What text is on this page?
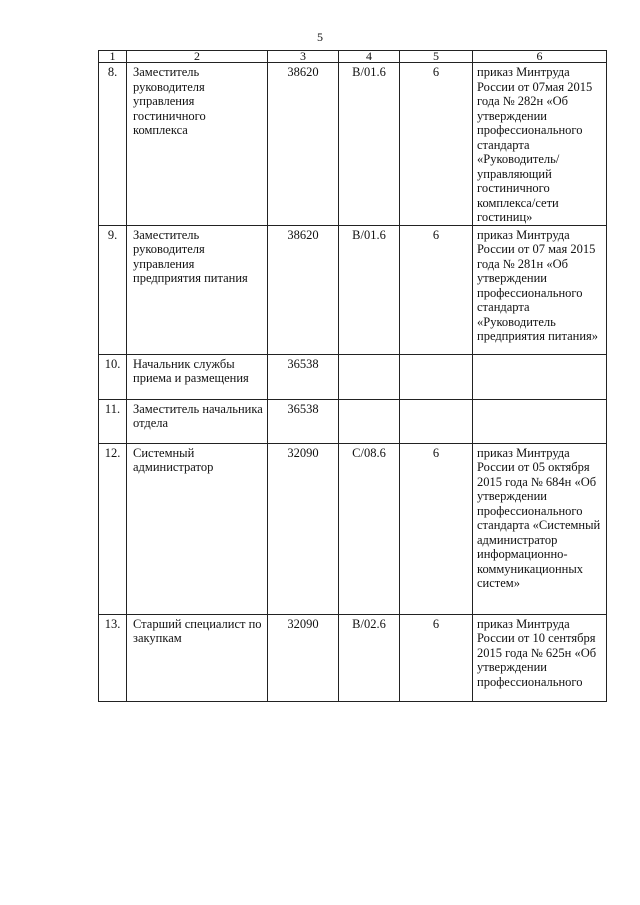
5
1	2	3	4	5	6

8.	Заместитель руководителя управления гостиничного комплекса	38620	B/01.6	6	приказ Минтруда России от 07мая 2015 года № 282н «Об утверждении профессионального стандарта «Руководитель/ управляющий гостиничного комплекса/сети гостиниц»

9.	Заместитель руководителя управления предприятия питания	38620	B/01.6	6	приказ Минтруда России от 07 мая 2015 года № 281н «Об утверждении профессионального стандарта «Руководитель предприятия питания»

10.	Начальник службы приема и размещения	36538			

11.	Заместитель начальника отдела	36538			

12.	Системный администратор	32090	C/08.6	6	приказ Минтруда России от 05 октября 2015 года № 684н «Об утверждении профессионального стандарта «Системный администратор информационно-коммуникационных систем»

13.	Старший специалист по закупкам	32090	B/02.6	6	приказ Минтруда России от 10 сентября 2015 года № 625н «Об утверждении профессионального
